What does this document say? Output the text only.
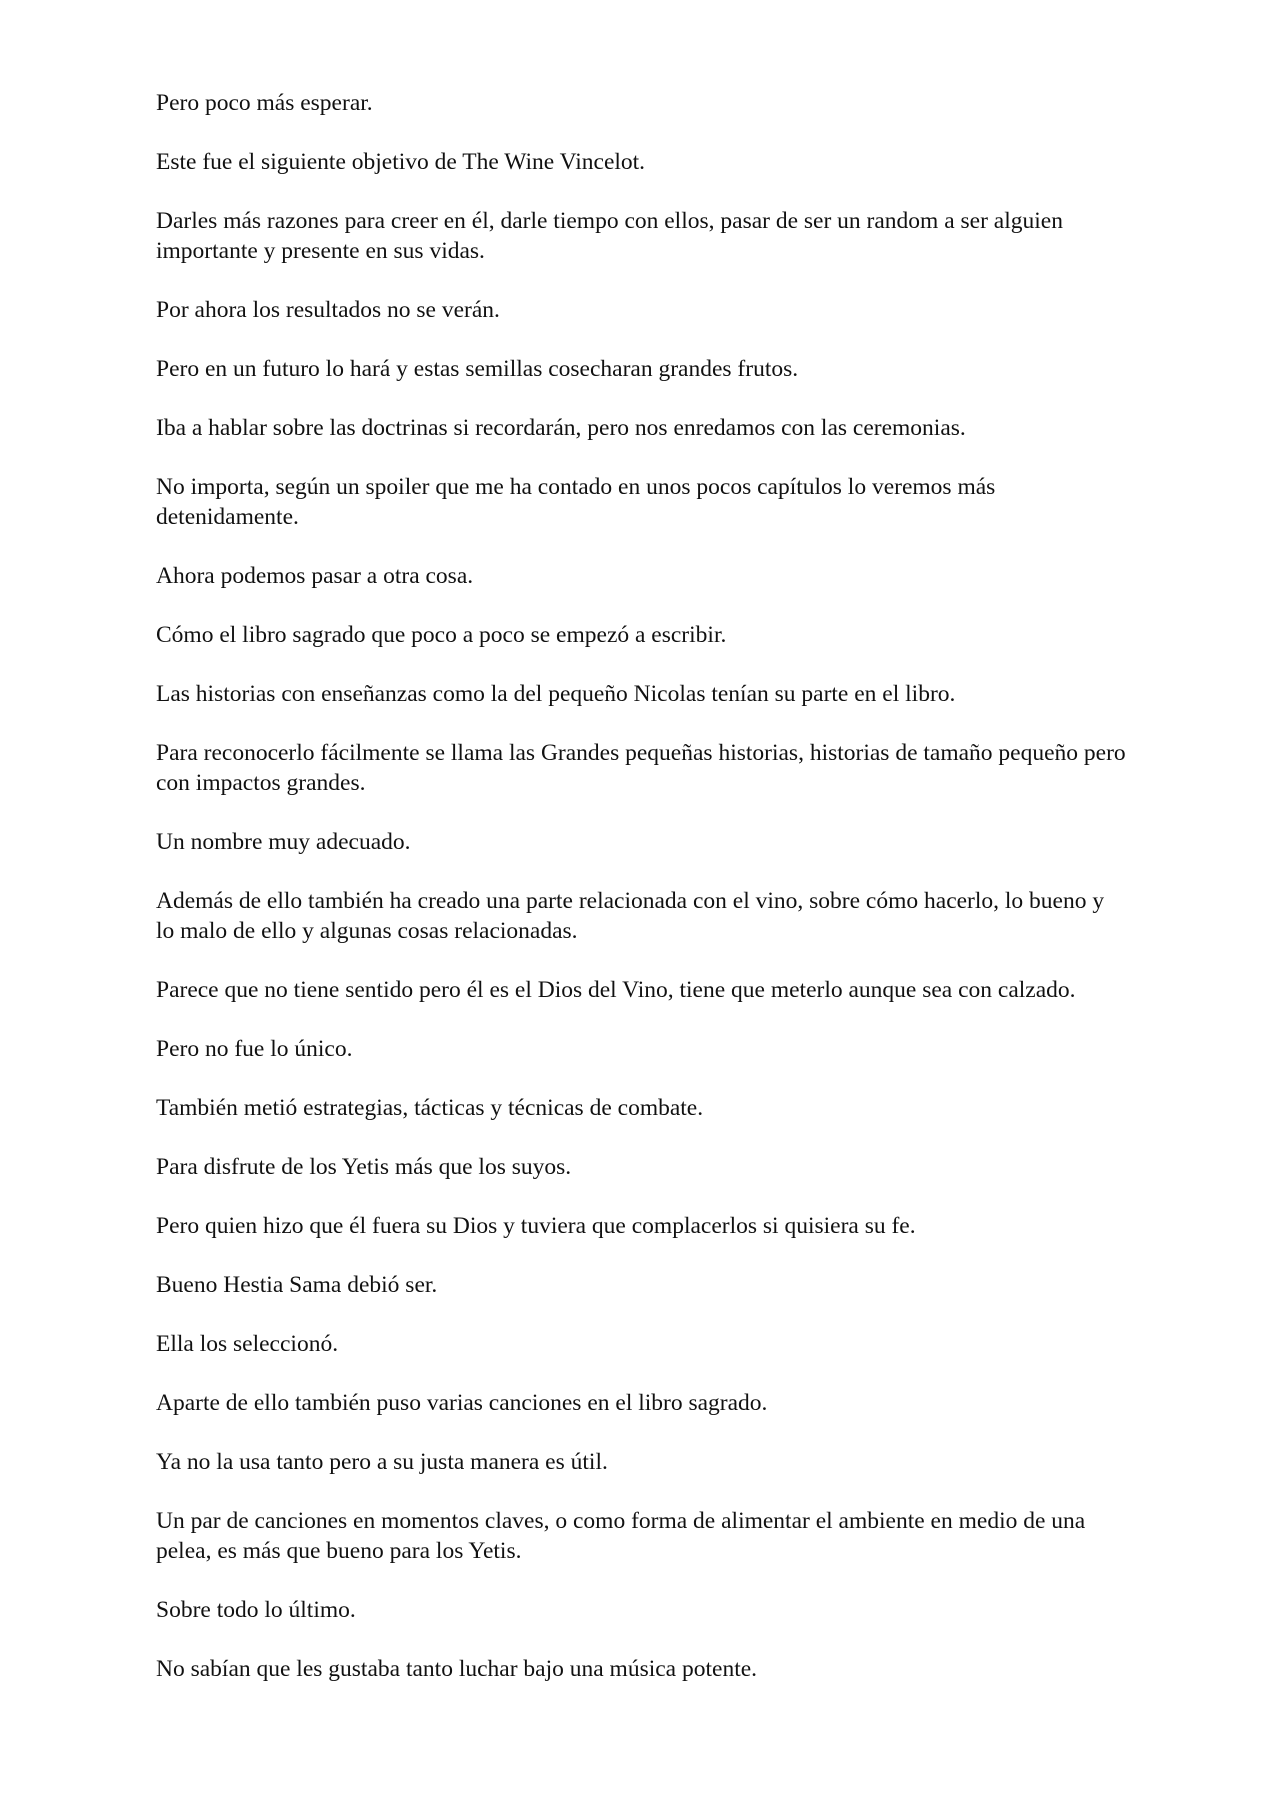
Pero poco más esperar.

Este fue el siguiente objetivo de The Wine Vincelot.

Darles más razones para creer en él, darle tiempo con ellos, pasar de ser un random a ser alguien importante y presente en sus vidas.

Por ahora los resultados no se verán.

Pero en un futuro lo hará y estas semillas cosecharan grandes frutos.

Iba a hablar sobre las doctrinas si recordarán, pero nos enredamos con las ceremonias.

No importa, según un spoiler que me ha contado en unos pocos capítulos lo veremos más detenidamente.

Ahora podemos pasar a otra cosa.

Cómo el libro sagrado que poco a poco se empezó a escribir.

Las historias con enseñanzas como la del pequeño Nicolas tenían su parte en el libro.

Para reconocerlo fácilmente se llama las Grandes pequeñas historias, historias de tamaño pequeño pero con impactos grandes.

Un nombre muy adecuado.

Además de ello también ha creado una parte relacionada con el vino, sobre cómo hacerlo, lo bueno y lo malo de ello y algunas cosas relacionadas.

Parece que no tiene sentido pero él es el Dios del Vino, tiene que meterlo aunque sea con calzado.

Pero no fue lo único.

También metió estrategias, tácticas y técnicas de combate.

Para disfrute de los Yetis más que los suyos.

Pero quien hizo que él fuera su Dios y tuviera que complacerlos si quisiera su fe.

Bueno Hestia Sama debió ser.

Ella los seleccionó.

Aparte de ello también puso varias canciones en el libro sagrado.

Ya no la usa tanto pero a su justa manera es útil.

Un par de canciones en momentos claves, o como forma de alimentar el ambiente en medio de una pelea, es más que bueno para los Yetis.

Sobre todo lo último.

No sabían que les gustaba tanto luchar bajo una música potente.
